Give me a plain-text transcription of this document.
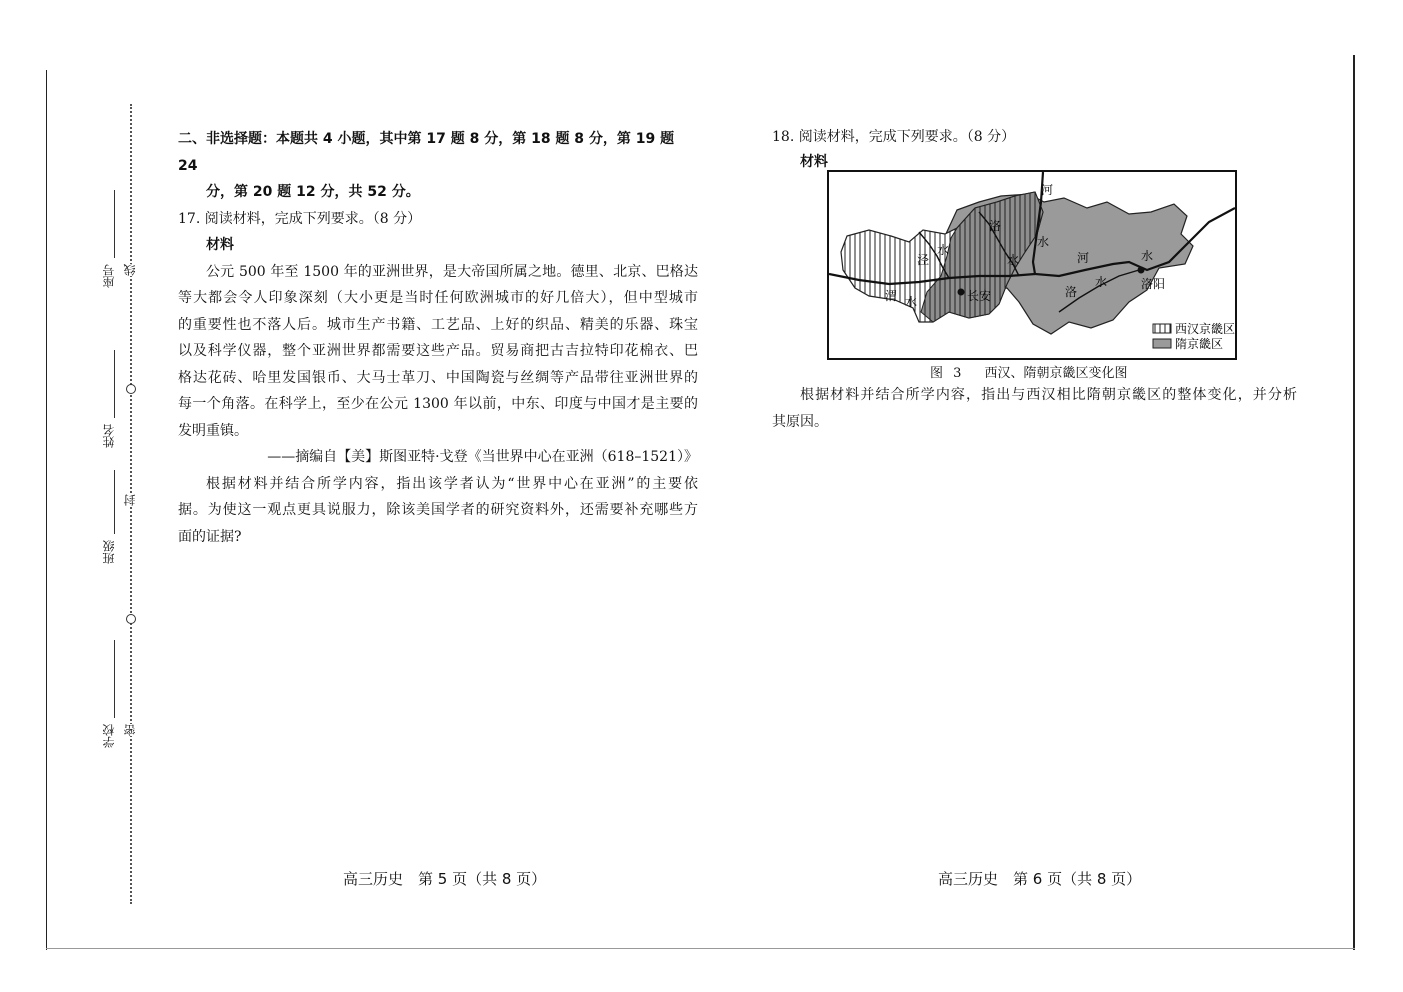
线
封
密
座号
姓名
班级
学校

二、非选择题：本题共 4 小题，其中第 17 题 8 分，第 18 题 8 分，第 19 题 24

分，第 20 题 12 分，共 52 分。

17. 阅读材料，完成下列要求。（8 分）

材料

公元 500 年至 1500 年的亚洲世界，是大帝国所属之地。德里、北京、巴格达

等大都会令人印象深刻（大小更是当时任何欧洲城市的好几倍大），但中型城市

的重要性也不落人后。城市生产书籍、工艺品、上好的织品、精美的乐器、珠宝

以及科学仪器，整个亚洲世界都需要这些产品。贸易商把古吉拉特印花棉衣、巴

格达花砖、哈里发国银币、大马士革刀、中国陶瓷与丝绸等产品带往亚洲世界的

每一个角落。在科学上，至少在公元 1300 年以前，中东、印度与中国才是主要的

发明重镇。

——摘编自【美】斯图亚特·戈登《当世界中心在亚洲（618–1521）》

根据材料并结合所学内容，指出该学者认为“世界中心在亚洲”的主要依

据。为使这一观点更具说服力，除该美国学者的研究资料外，还需要补充哪些方

面的证据?

18. 阅读材料，完成下列要求。（8 分）

材料

河
洛
水
泾
水
水
渭 水	长安
河
水
洛
水
洛阳
西汉京畿区
隋京畿区
图 3　 西汉、隋朝京畿区变化图

根据材料并结合所学内容，指出与西汉相比隋朝京畿区的整体变化，并分析

其原因。

高三历史　第 5 页（共 8 页）	高三历史　第 6 页（共 8 页）
